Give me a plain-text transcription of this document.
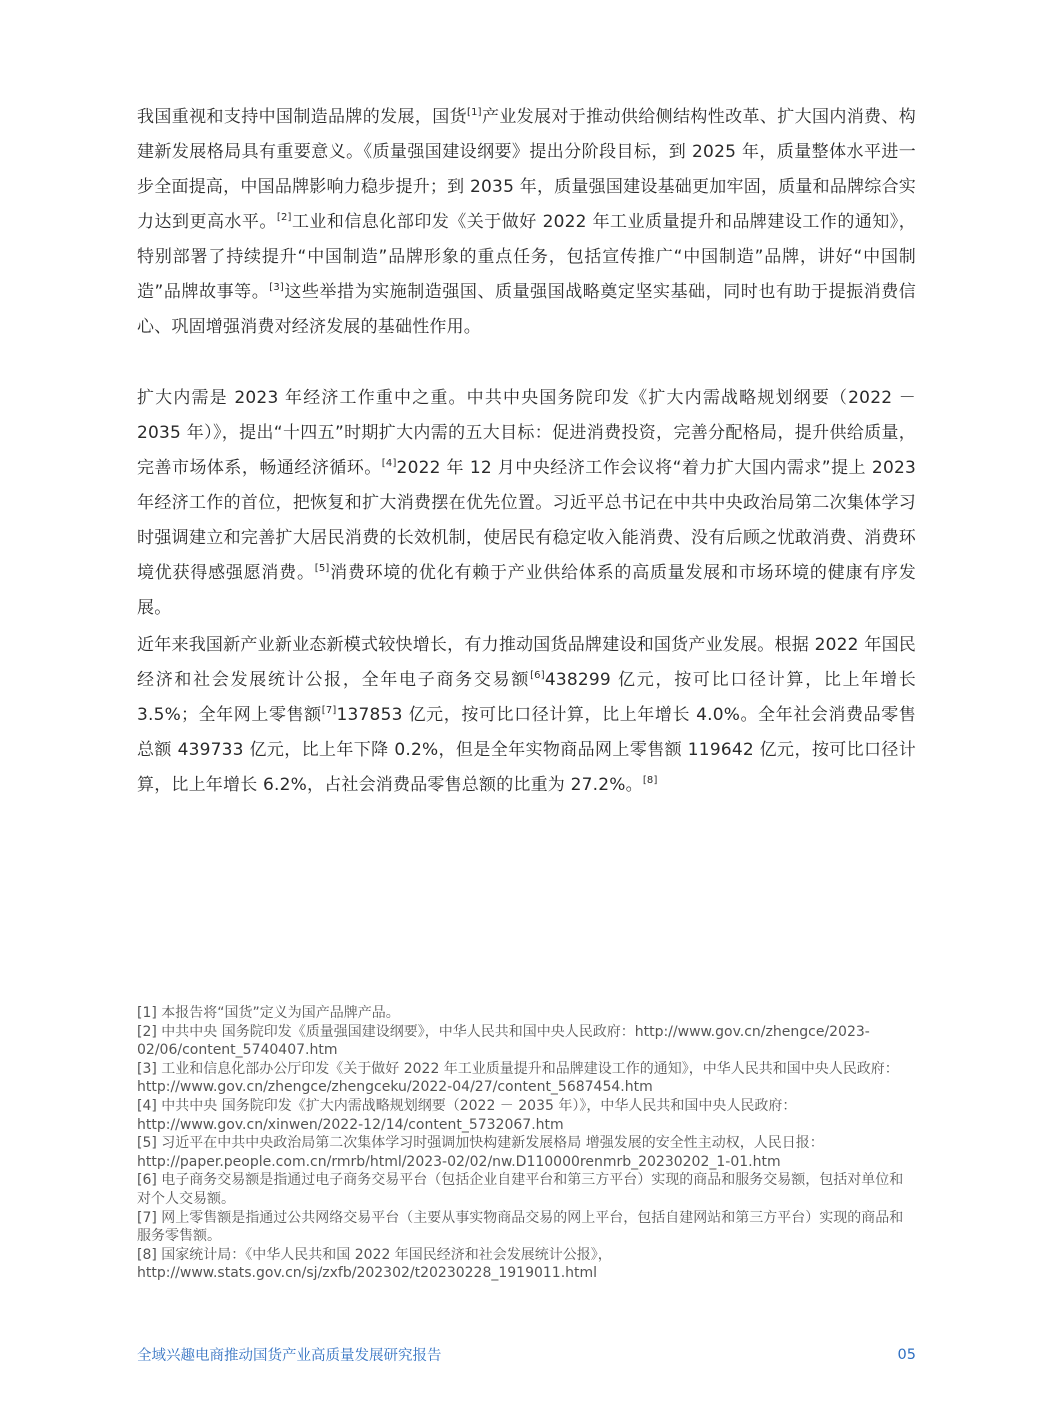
我国重视和支持中国制造品牌的发展，国货[1]产业发展对于推动供给侧结构性改革、扩大国内消费、构建新发展格局具有重要意义。《质量强国建设纲要》提出分阶段目标，到 2025 年，质量整体水平进一步全面提高，中国品牌影响力稳步提升；到 2035 年，质量强国建设基础更加牢固，质量和品牌综合实力达到更高水平。[2]工业和信息化部印发《关于做好 2022 年工业质量提升和品牌建设工作的通知》，特别部署了持续提升“中国制造”品牌形象的重点任务，包括宣传推广“中国制造”品牌，讲好“中国制造”品牌故事等。[3]这些举措为实施制造强国、质量强国战略奠定坚实基础，同时也有助于提振消费信心、巩固增强消费对经济发展的基础性作用。

扩大内需是 2023 年经济工作重中之重。中共中央国务院印发《扩大内需战略规划纲要（2022 － 2035 年）》，提出“十四五”时期扩大内需的五大目标：促进消费投资，完善分配格局，提升供给质量，完善市场体系，畅通经济循环。[4]2022 年 12 月中央经济工作会议将“着力扩大国内需求”提上 2023 年经济工作的首位，把恢复和扩大消费摆在优先位置。习近平总书记在中共中央政治局第二次集体学习时强调建立和完善扩大居民消费的长效机制，使居民有稳定收入能消费、没有后顾之忧敢消费、消费环境优获得感强愿消费。[5]消费环境的优化有赖于产业供给体系的高质量发展和市场环境的健康有序发展。

近年来我国新产业新业态新模式较快增长，有力推动国货品牌建设和国货产业发展。根据 2022 年国民经济和社会发展统计公报，全年电子商务交易额[6]438299 亿元，按可比口径计算，比上年增长 3.5%；全年网上零售额[7]137853 亿元，按可比口径计算，比上年增长 4.0%。全年社会消费品零售总额 439733 亿元，比上年下降 0.2%，但是全年实物商品网上零售额 119642 亿元，按可比口径计算，比上年增长 6.2%，占社会消费品零售总额的比重为 27.2%。[8]

[1] 本报告将“国货”定义为国产品牌产品。

[2] 中共中央 国务院印发《质量强国建设纲要》，中华人民共和国中央人民政府：http://www.gov.cn/zhengce/2023-02/06/content_5740407.htm

[3] 工业和信息化部办公厅印发《关于做好 2022 年工业质量提升和品牌建设工作的通知》，中华人民共和国中央人民政府：http://www.gov.cn/zhengce/zhengceku/2022-04/27/content_5687454.htm

[4] 中共中央 国务院印发《扩大内需战略规划纲要（2022 － 2035 年）》，中华人民共和国中央人民政府：http://www.gov.cn/xinwen/2022-12/14/content_5732067.htm

[5] 习近平在中共中央政治局第二次集体学习时强调加快构建新发展格局 增强发展的安全性主动权，人民日报：http://paper.people.com.cn/rmrb/html/2023-02/02/nw.D110000renmrb_20230202_1-01.htm

[6] 电子商务交易额是指通过电子商务交易平台（包括企业自建平台和第三方平台）实现的商品和服务交易额，包括对单位和对个人交易额。

[7] 网上零售额是指通过公共网络交易平台（主要从事实物商品交易的网上平台，包括自建网站和第三方平台）实现的商品和服务零售额。

[8] 国家统计局：《中华人民共和国 2022 年国民经济和社会发展统计公报》，http://www.stats.gov.cn/sj/zxfb/202302/t20230228_1919011.html

全域兴趣电商推动国货产业高质量发展研究报告	05
